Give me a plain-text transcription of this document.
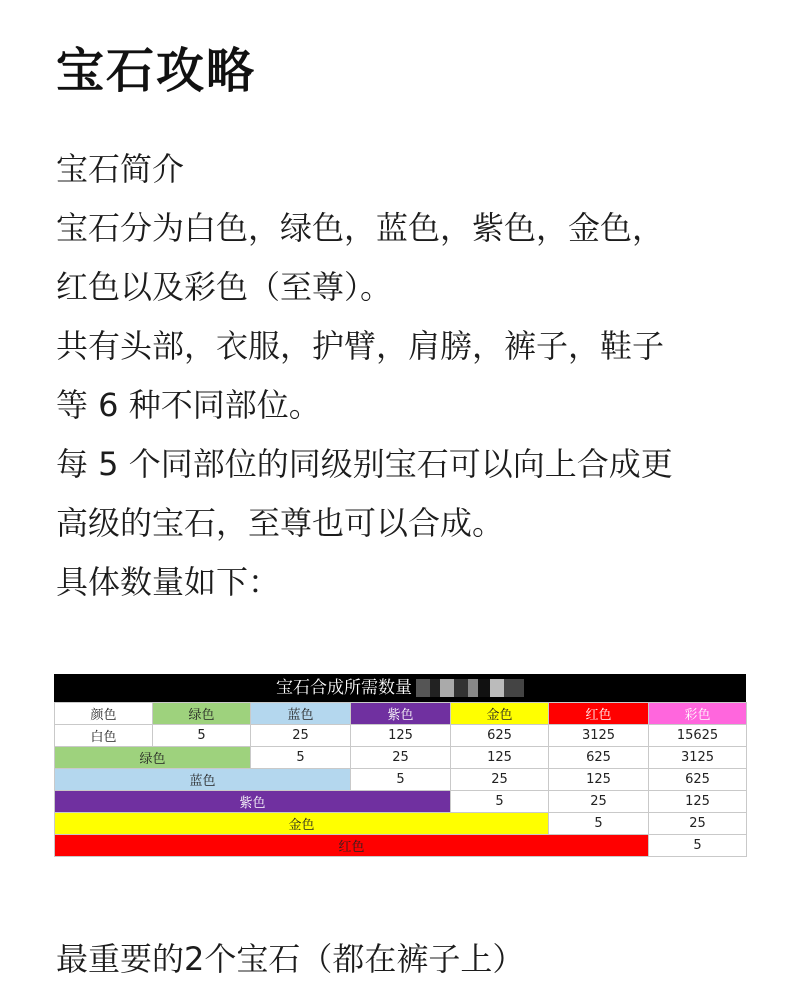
宝石攻略
宝石简介
宝石分为白色，绿色，蓝色，紫色，金色，
红色以及彩色（至尊）。
共有头部，衣服，护臂，肩膀，裤子，鞋子
等 6 种不同部位。
每 5 个同部位的同级别宝石可以向上合成更
高级的宝石，至尊也可以合成。
具体数量如下：
宝石合成所需数量
颜色	绿色	蓝色	紫色	金色	红色	彩色
白色	5	25	125	625	3125	15625
绿色		5	25	125	625	3125
蓝色			5	25	125	625
紫色				5	25	125
金色					5	25
红色						5
最重要的2个宝石（都在裤子上）
